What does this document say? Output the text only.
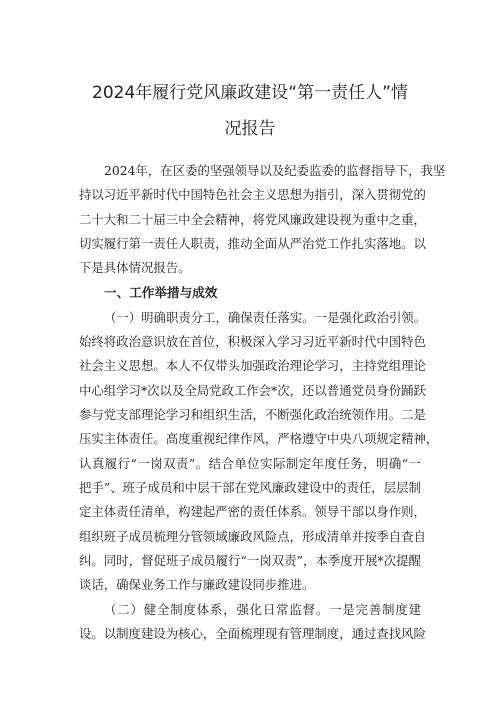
2024年履行党风廉政建设“第一责任人”情
况报告
2024年，在区委的坚强领导以及纪委监委的监督指导下，我坚
持以习近平新时代中国特色社会主义思想为指引，深入贯彻党的
二十大和二十届三中全会精神，将党风廉政建设视为重中之重，
切实履行第一责任人职责，推动全面从严治党工作扎实落地。以
下是具体情况报告。
一、工作举措与成效
（一）明确职责分工，确保责任落实。一是强化政治引领。
始终将政治意识放在首位，积极深入学习习近平新时代中国特色
社会主义思想。本人不仅带头加强政治理论学习，主持党组理论
中心组学习*次以及全局党政工作会*次，还以普通党员身份踊跃
参与党支部理论学习和组织生活，不断强化政治统领作用。二是
压实主体责任。高度重视纪律作风，严格遵守中央八项规定精神，
认真履行“一岗双责”。结合单位实际制定年度任务，明确“一
把手”、班子成员和中层干部在党风廉政建设中的责任，层层制
定主体责任清单，构建起严密的责任体系。领导干部以身作则，
组织班子成员梳理分管领域廉政风险点，形成清单并按季自查自
纠。同时，督促班子成员履行“一岗双责”，本季度开展*次提醒
谈话，确保业务工作与廉政建设同步推进。
（二）健全制度体系，强化日常监督。一是完善制度建
设。以制度建设为核心，全面梳理现有管理制度，通过查找风险
